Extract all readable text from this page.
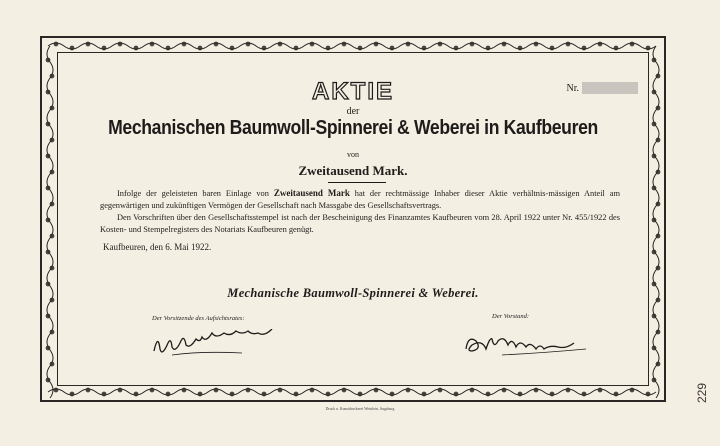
Nr.
AKTIE
der
Mechanischen Baumwoll-Spinnerei & Weberei in Kaufbeuren
von
Zweitausend Mark.

Infolge der geleisteten baren Einlage von Zweitausend Mark hat der rechtmässige Inhaber dieser Aktie verhältnis-mässigen Anteil am gegenwärtigen und zukünftigen Vermögen der Gesellschaft nach Massgabe des Gesellschaftsvertrags.

Den Vorschriften über den Gesellschaftsstempel ist nach der Bescheinigung des Finanzamtes Kaufbeuren vom 28. April 1922 unter Nr. 455/1922 des Kosten- und Stempelregisters des Notariats Kaufbeuren genügt.

Kaufbeuren, den 6. Mai 1922.
Mechanische Baumwoll-Spinnerei & Weberei.
Der Vorsitzende des Aufsichtsrates:	Der Vorstand:
Druck u. Kunstdruckerei Weinlein, Augsburg
229
